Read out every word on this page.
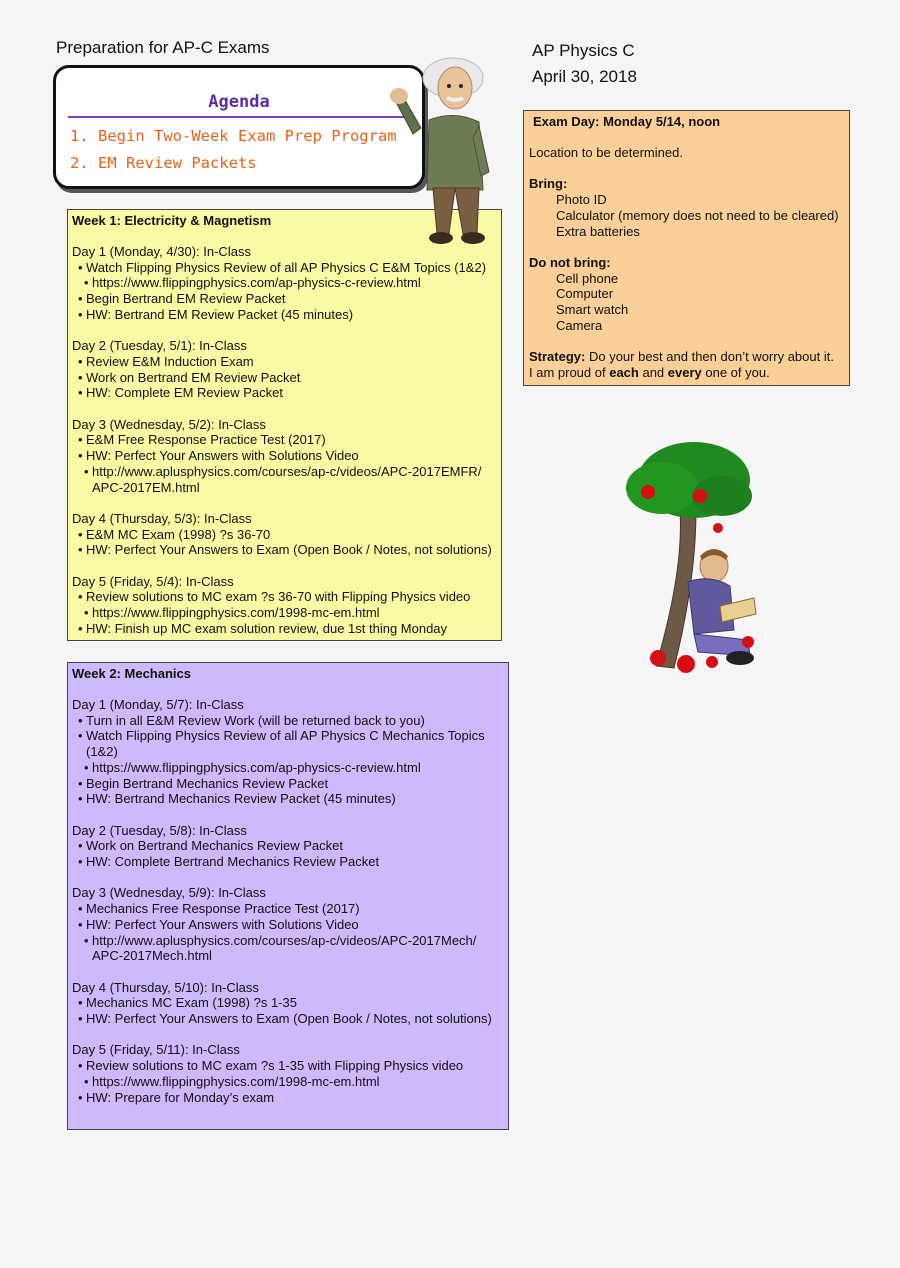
Preparation for AP-C Exams	AP Physics C
April 30, 2018
Agenda
1. Begin Two-Week Exam Prep Program
2. EM Review Packets
Week 1: Electricity & Magnetism
Day 1 (Monday, 4/30): In-Class
• Watch Flipping Physics Review of all AP Physics C E&M Topics (1&2)
• https://www.flippingphysics.com/ap-physics-c-review.html
• Begin Bertrand EM Review Packet
• HW: Bertrand EM Review Packet (45 minutes)
Day 2 (Tuesday, 5/1): In-Class
• Review E&M Induction Exam
• Work on Bertrand EM Review Packet
• HW: Complete EM Review Packet
Day 3 (Wednesday, 5/2): In-Class
• E&M Free Response Practice Test (2017)
• HW: Perfect Your Answers with Solutions Video
• http://www.aplusphysics.com/courses/ap-c/videos/APC-2017EMFR/ APC-2017EM.html
Day 4 (Thursday, 5/3): In-Class
• E&M MC Exam (1998) ?s 36-70
• HW: Perfect Your Answers to Exam (Open Book / Notes, not solutions)
Day 5 (Friday, 5/4): In-Class
• Review solutions to MC exam ?s 36-70 with Flipping Physics video
• https://www.flippingphysics.com/1998-mc-em.html
• HW: Finish up MC exam solution review, due 1st thing Monday
Week 2: Mechanics
Day 1 (Monday, 5/7): In-Class
• Turn in all E&M Review Work (will be returned back to you)
• Watch Flipping Physics Review of all AP Physics C Mechanics Topics (1&2)
• https://www.flippingphysics.com/ap-physics-c-review.html
• Begin Bertrand Mechanics Review Packet
• HW: Bertrand Mechanics Review Packet (45 minutes)
Day 2 (Tuesday, 5/8): In-Class
• Work on Bertrand Mechanics Review Packet
• HW: Complete Bertrand Mechanics Review Packet
Day 3 (Wednesday, 5/9): In-Class
• Mechanics Free Response Practice Test (2017)
• HW: Perfect Your Answers with Solutions Video
• http://www.aplusphysics.com/courses/ap-c/videos/APC-2017Mech/ APC-2017Mech.html
Day 4 (Thursday, 5/10): In-Class
• Mechanics MC Exam (1998) ?s 1-35
• HW: Perfect Your Answers to Exam (Open Book / Notes, not solutions)
Day 5 (Friday, 5/11): In-Class
• Review solutions to MC exam ?s 1-35 with Flipping Physics video
• https://www.flippingphysics.com/1998-mc-em.html
• HW: Prepare for Monday’s exam
Exam Day: Monday 5/14, noon

Location to be determined.

Bring:
Photo ID
Calculator (memory does not need to be cleared)
Extra batteries

Do not bring:
Cell phone
Computer
Smart watch
Camera

Strategy: Do your best and then don’t worry about it.
I am proud of each and every one of you.
